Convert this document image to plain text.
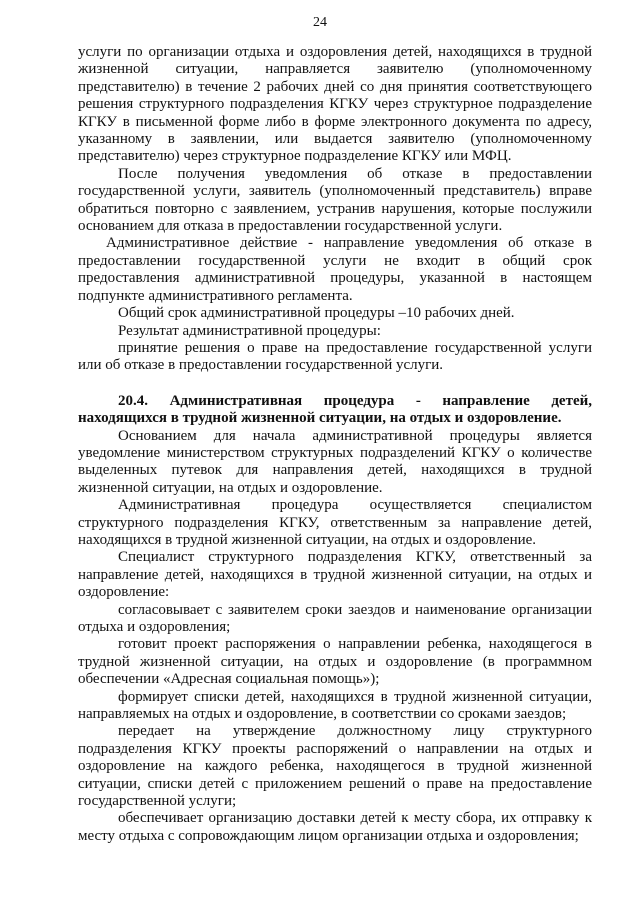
24

услуги по организации отдыха и оздоровления детей, находящихся в трудной жизненной ситуации, направляется заявителю (уполномоченному представителю) в течение 2 рабочих дней со дня принятия соответствующего решения структурного подразделения КГКУ через структурное подразделение КГКУ в письменной форме либо в форме электронного документа по адресу, указанному в заявлении, или выдается заявителю (уполномоченному представителю) через структурное подразделение КГКУ или МФЦ.

После получения уведомления об отказе в предоставлении государственной услуги, заявитель (уполномоченный представитель) вправе обратиться повторно с заявлением, устранив нарушения, которые послужили основанием для отказа в предоставлении государственной услуги.

Административное действие - направление уведомления об отказе в предоставлении государственной услуги не входит в общий срок предоставления административной процедуры, указанной в настоящем подпункте административного регламента.

Общий срок административной процедуры –10 рабочих дней.

Результат административной процедуры:

принятие решения о праве на предоставление государственной услуги или об отказе в предоставлении государственной услуги.

20.4. Административная процедура - направление детей, находящихся в трудной жизненной ситуации, на отдых и оздоровление.

Основанием для начала административной процедуры является уведомление министерством структурных подразделений КГКУ о количестве выделенных путевок для направления детей, находящихся в трудной жизненной ситуации, на отдых и оздоровление.

Административная процедура осуществляется специалистом структурного подразделения КГКУ, ответственным за направление детей, находящихся в трудной жизненной ситуации, на отдых и оздоровление.

Специалист структурного подразделения КГКУ, ответственный за направление детей, находящихся в трудной жизненной ситуации, на отдых и оздоровление:

согласовывает с заявителем сроки заездов и наименование организации отдыха и оздоровления;

готовит проект распоряжения о направлении ребенка, находящегося в трудной жизненной ситуации, на отдых и оздоровление (в программном обеспечении «Адресная социальная помощь»);

формирует списки детей, находящихся в трудной жизненной ситуации, направляемых на отдых и оздоровление, в соответствии со сроками заездов;

передает на утверждение должностному лицу структурного подразделения КГКУ проекты распоряжений о направлении на отдых и оздоровление на каждого ребенка, находящегося в трудной жизненной ситуации, списки детей с приложением решений о праве на предоставление государственной услуги;

обеспечивает организацию доставки детей к месту сбора, их отправку к месту отдыха с сопровождающим лицом организации отдыха и оздоровления;
